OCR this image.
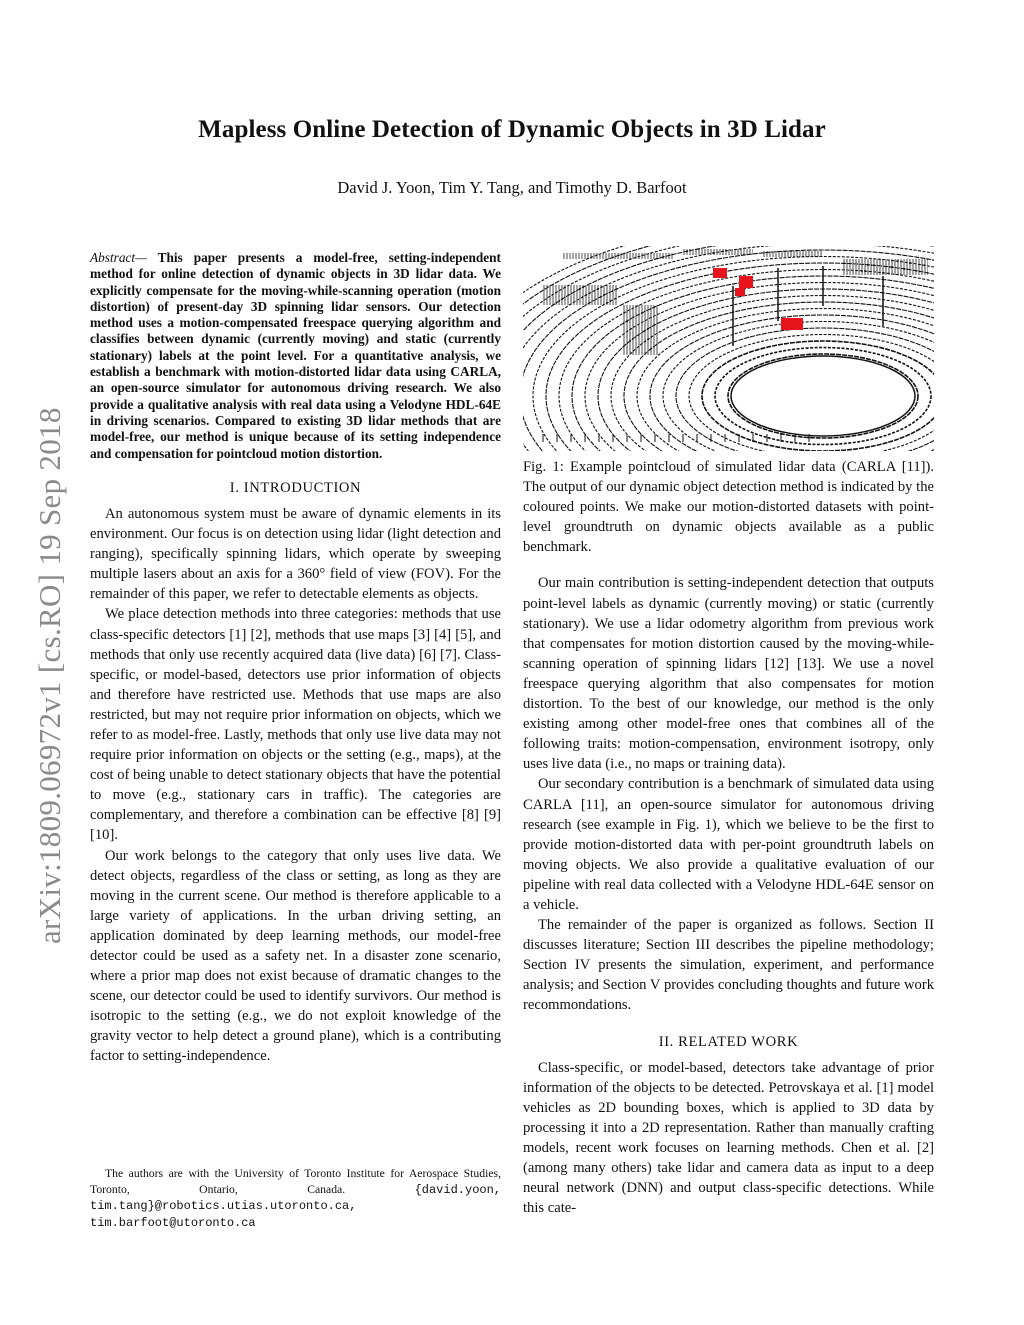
Mapless Online Detection of Dynamic Objects in 3D Lidar
David J. Yoon, Tim Y. Tang, and Timothy D. Barfoot
arXiv:1809.06972v1 [cs.RO] 19 Sep 2018

Abstract— This paper presents a model-free, setting-independent method for online detection of dynamic objects in 3D lidar data. We explicitly compensate for the moving-while-scanning operation (motion distortion) of present-day 3D spinning lidar sensors. Our detection method uses a motion-compensated freespace querying algorithm and classifies between dynamic (currently moving) and static (currently stationary) labels at the point level. For a quantitative analysis, we establish a benchmark with motion-distorted lidar data using CARLA, an open-source simulator for autonomous driving research. We also provide a qualitative analysis with real data using a Velodyne HDL-64E in driving scenarios. Compared to existing 3D lidar methods that are model-free, our method is unique because of its setting independence and compensation for pointcloud motion distortion.

I. INTRODUCTION

An autonomous system must be aware of dynamic elements in its environment. Our focus is on detection using lidar (light detection and ranging), specifically spinning lidars, which operate by sweeping multiple lasers about an axis for a 360° field of view (FOV). For the remainder of this paper, we refer to detectable elements as objects.

We place detection methods into three categories: methods that use class-specific detectors [1] [2], methods that use maps [3] [4] [5], and methods that only use recently acquired data (live data) [6] [7]. Class-specific, or model-based, detectors use prior information of objects and therefore have restricted use. Methods that use maps are also restricted, but may not require prior information on objects, which we refer to as model-free. Lastly, methods that only use live data may not require prior information on objects or the setting (e.g., maps), at the cost of being unable to detect stationary objects that have the potential to move (e.g., stationary cars in traffic). The categories are complementary, and therefore a combination can be effective [8] [9] [10].

Our work belongs to the category that only uses live data. We detect objects, regardless of the class or setting, as long as they are moving in the current scene. Our method is therefore applicable to a large variety of applications. In the urban driving setting, an application dominated by deep learning methods, our model-free detector could be used as a safety net. In a disaster zone scenario, where a prior map does not exist because of dramatic changes to the scene, our detector could be used to identify survivors. Our method is isotropic to the setting (e.g., we do not exploit knowledge of the gravity vector to help detect a ground plane), which is a contributing factor to setting-independence.

The authors are with the University of Toronto Institute for Aerospace Studies, Toronto, Ontario, Canada.	{david.yoon, tim.tang}@robotics.utias.utoronto.ca, tim.barfoot@utoronto.ca

Fig. 1: Example pointcloud of simulated lidar data (CARLA [11]). The output of our dynamic object detection method is indicated by the coloured points. We make our motion-distorted datasets with point-level groundtruth on dynamic objects available as a public benchmark.

Our main contribution is setting-independent detection that outputs point-level labels as dynamic (currently moving) or static (currently stationary). We use a lidar odometry algorithm from previous work that compensates for motion distortion caused by the moving-while-scanning operation of spinning lidars [12] [13]. We use a novel freespace querying algorithm that also compensates for motion distortion. To the best of our knowledge, our method is the only existing among other model-free ones that combines all of the following traits: motion-compensation, environment isotropy, only uses live data (i.e., no maps or training data).

Our secondary contribution is a benchmark of simulated data using CARLA [11], an open-source simulator for autonomous driving research (see example in Fig. 1), which we believe to be the first to provide motion-distorted data with per-point groundtruth labels on moving objects. We also provide a qualitative evaluation of our pipeline with real data collected with a Velodyne HDL-64E sensor on a vehicle.

The remainder of the paper is organized as follows. Section II discusses literature; Section III describes the pipeline methodology; Section IV presents the simulation, experiment, and performance analysis; and Section V provides concluding thoughts and future work recommondations.

II. RELATED WORK

Class-specific, or model-based, detectors take advantage of prior information of the objects to be detected. Petrovskaya et al. [1] model vehicles as 2D bounding boxes, which is applied to 3D data by processing it into a 2D representation. Rather than manually crafting models, recent work focuses on learning methods. Chen et al. [2] (among many others) take lidar and camera data as input to a deep neural network (DNN) and output class-specific detections. While this cate-
